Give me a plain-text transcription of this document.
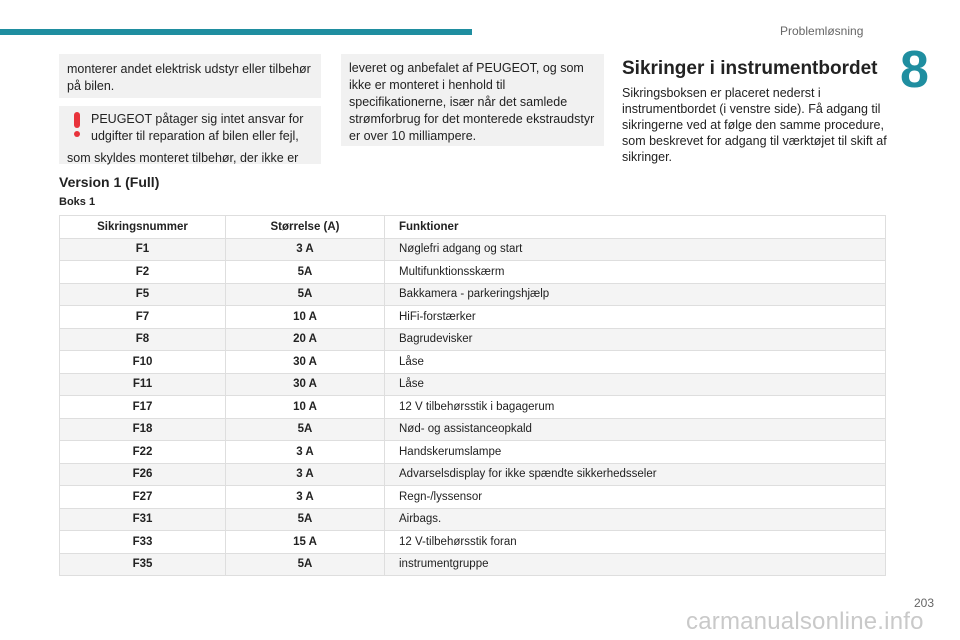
Problemløsning
8

monterer andet elektrisk udstyr eller tilbehør på bilen.

PEUGEOT påtager sig intet ansvar for udgifter til reparation af bilen eller fejl,

som skyldes monteret tilbehør, der ikke er

leveret og anbefalet af PEUGEOT, og som ikke er monteret i henhold til specifikationerne, især når det samlede strømforbrug for det monterede ekstraudstyr er over 10 milliampere.

Sikringer i instrumentbordet

Sikringsboksen er placeret nederst i instrumentbordet (i venstre side). Få adgang til sikringerne ved at følge den samme procedure, som beskrevet for adgang til værktøjet til skift af sikringer.

Version 1 (Full)

Boks 1

Sikringsnummer	Størrelse (A)	Funktioner
F1	3 A	Nøglefri adgang og start
F2	5A	Multifunktionsskærm
F5	5A	Bakkamera - parkeringshjælp
F7	10 A	HiFi-forstærker
F8	20 A	Bagrudevisker
F10	30 A	Låse
F11	30 A	Låse
F17	10 A	12 V tilbehørsstik i bagagerum
F18	5A	Nød- og assistanceopkald
F22	3 A	Handskerumslampe
F26	3 A	Advarselsdisplay for ikke spændte sikkerhedsseler
F27	3 A	Regn-/lyssensor
F31	5A	Airbags.
F33	15 A	12 V-tilbehørsstik foran
F35	5A	instrumentgruppe
203
carmanualsonline.info
